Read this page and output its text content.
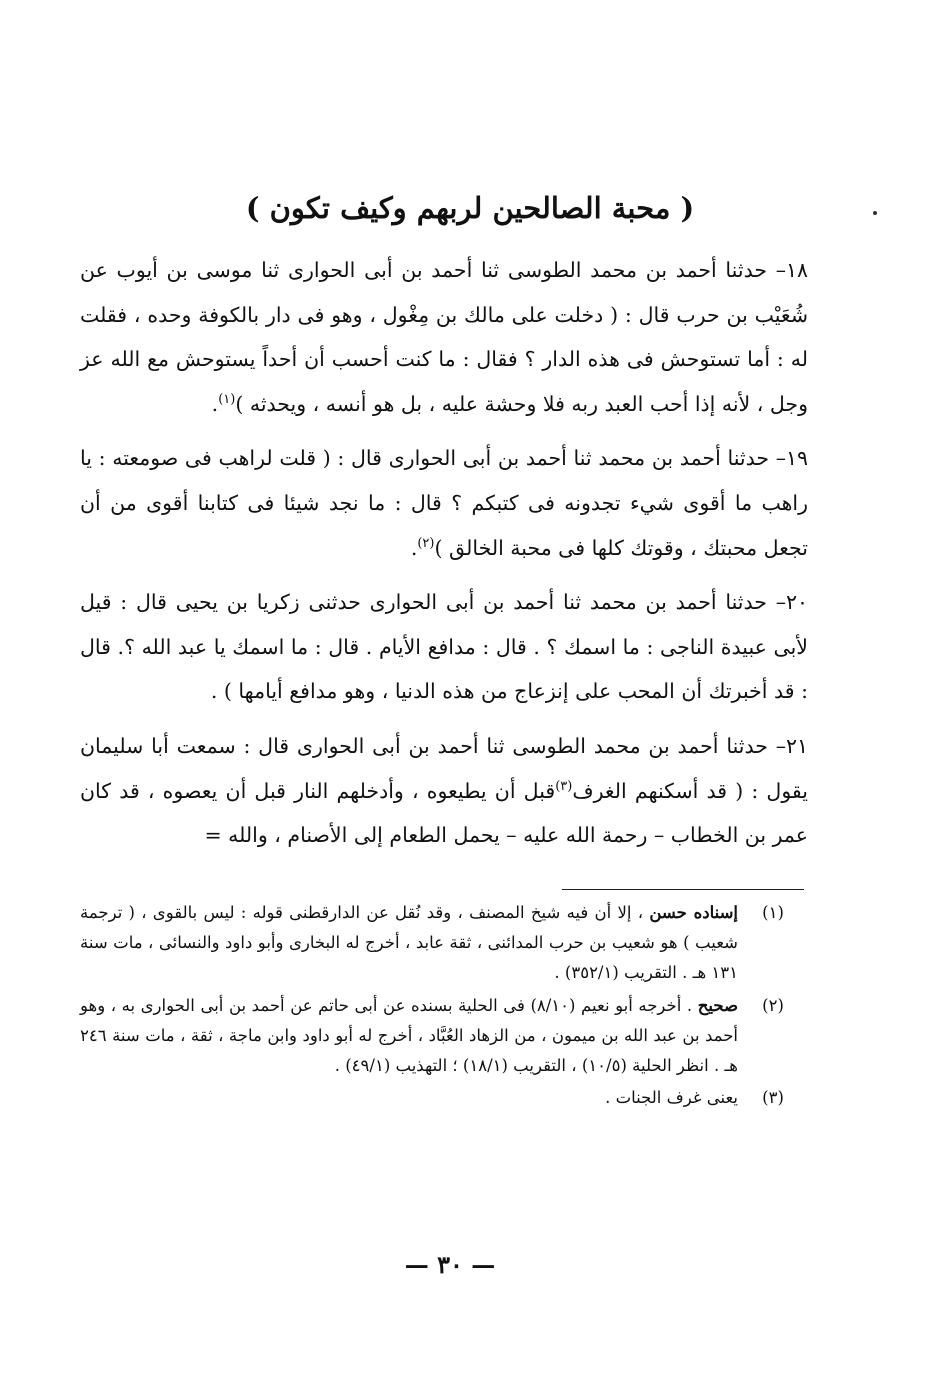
( محبة الصالحين لربهم وكيف تكون )

١٨– حدثنا أحمد بن محمد الطوسى ثنا أحمد بن أبى الحوارى ثنا موسى بن أيوب عن شُعَيْب بن حرب قال : ( دخلت على مالك بن مِغْول ، وهو فى دار بالكوفة وحده ، فقلت له : أما تستوحش فى هذه الدار ؟ فقال : ما كنت أحسب أن أحداً يستوحش مع الله عز وجل ، لأنه إذا أحب العبد ربه فلا وحشة عليه ، بل هو أنسه ، ويحدثه )$^{(١)}$.

١٩– حدثنا أحمد بن محمد ثنا أحمد بن أبى الحوارى قال : ( قلت لراهب فى صومعته : يا راهب ما أقوى شيء تجدونه فى كتبكم ؟ قال : ما نجد شيئا فى كتابنا أقوى من أن تجعل محبتك ، وقوتك كلها فى محبة الخالق )$^{(٢)}$.

٢٠– حدثنا أحمد بن محمد ثنا أحمد بن أبى الحوارى حدثنى زكريا بن يحيى قال : قيل لأبى عبيدة الناجى : ما اسمك ؟ . قال : مدافع الأيام . قال : ما اسمك يا عبد الله ؟. قال : قد أخبرتك أن المحب على إنزعاج من هذه الدنيا ، وهو مدافع أيامها ) .

٢١– حدثنا أحمد بن محمد الطوسى ثنا أحمد بن أبى الحوارى قال : سمعت أبا سليمان يقول : ( قد أسكنهم الغرف$^{(٣)}$قبل أن يطيعوه ، وأدخلهم النار قبل أن يعصوه ، قد كان عمر بن الخطاب – رحمة الله عليه – يحمل الطعام إلى الأصنام ، والله =

(١)
إسناده حسن ، إلا أن فيه شيخ المصنف ، وقد نُقل عن الدارقطنى قوله : ليس بالقوى ، ( ترجمة شعيب ) هو شعيب بن حرب المدائنى ، ثقة عابد ، أخرج له البخارى وأبو داود والنسائى ، مات سنة ١٣١ هـ . التقريب (٣٥٢/١) .
(٢)
صحيح . أخرجه أبو نعيم (٨/١٠) فى الحلية بسنده عن أبى حاتم عن أحمد بن أبى الحوارى به ، وهو أحمد بن عبد الله بن ميمون ، من الزهاد العُبَّاد ، أخرج له أبو داود وابن ماجة ، ثقة ، مات سنة ٢٤٦ هـ . انظر الحلية (١٠/٥) ، التقريب (١٨/١) ؛ التهذيب (٤٩/١) .
(٣)
يعنى غرف الجنات .
— ٣٠ —
